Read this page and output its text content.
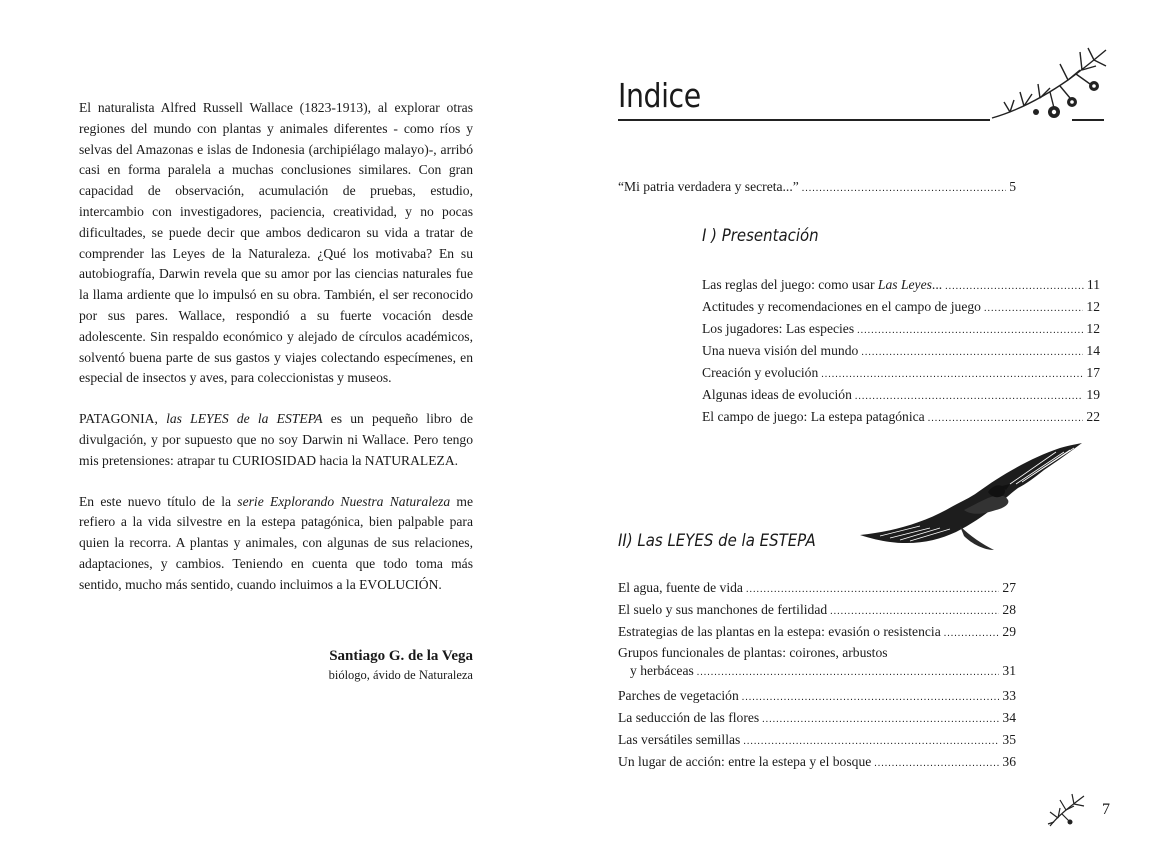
El naturalista Alfred Russell Wallace (1823-1913), al explorar otras regiones del mundo con plantas y animales diferentes - como ríos y selvas del Amazonas e islas de Indonesia (archipiélago malayo)-, arribó casi en forma paralela a muchas conclusiones similares. Con gran capacidad de observación, acumulación de pruebas, estudio, intercambio con investigadores, paciencia, creatividad, y no pocas dificultades, se puede decir que ambos dedicaron su vida a tratar de comprender las Leyes de la Naturaleza. ¿Qué los motivaba? En su autobiografía, Darwin revela que su amor por las ciencias naturales fue la llama ardiente que lo impulsó en su obra. También, el ser reconocido por sus pares. Wallace, respondió a su fuerte vocación desde adolescente. Sin respaldo económico y alejado de círculos académicos, solventó buena parte de sus gastos y viajes colectando especímenes, en especial de insectos y aves, para coleccionistas y museos.

PATAGONIA, las LEYES de la ESTEPA es un pequeño libro de divulgación, y por supuesto que no soy Darwin ni Wallace. Pero tengo mis pretensiones: atrapar tu CURIOSIDAD hacia la NATURALEZA.

En este nuevo título de la serie Explorando Nuestra Naturaleza me refiero a la vida silvestre en la estepa patagónica, bien palpable para quien la recorra. A plantas y animales, con algunas de sus relaciones, adaptaciones, y cambios. Teniendo en cuenta que todo toma más sentido, mucho más sentido, cuando incluimos a la EVOLUCIÓN.

Santiago G. de la Vega
biólogo, ávido de Naturaleza
Indice
“Mi patria verdadera y secreta...” .....	5
I ) Presentación
Las reglas del juego: como usar Las Leyes... .....	11
Actitudes y recomendaciones en el campo de juego .....	12
Los jugadores: Las especies .....	12
Una nueva visión del mundo .....	14
Creación y evolución .....	17
Algunas ideas de evolución .....	19
El campo de juego: La estepa patagónica .....	22
II) Las LEYES de la ESTEPA
El agua, fuente de vida .....	27
El suelo y sus manchones de fertilidad .....	28
Estrategias de las plantas en la estepa: evasión o resistencia .....	29
Grupos funcionales de plantas: coirones, arbustos
y herbáceas .....	31
Parches de vegetación .....	33
La seducción de las flores .....	34
Las versátiles semillas .....	35
Un lugar de acción: entre la estepa y el bosque .....	36
7
